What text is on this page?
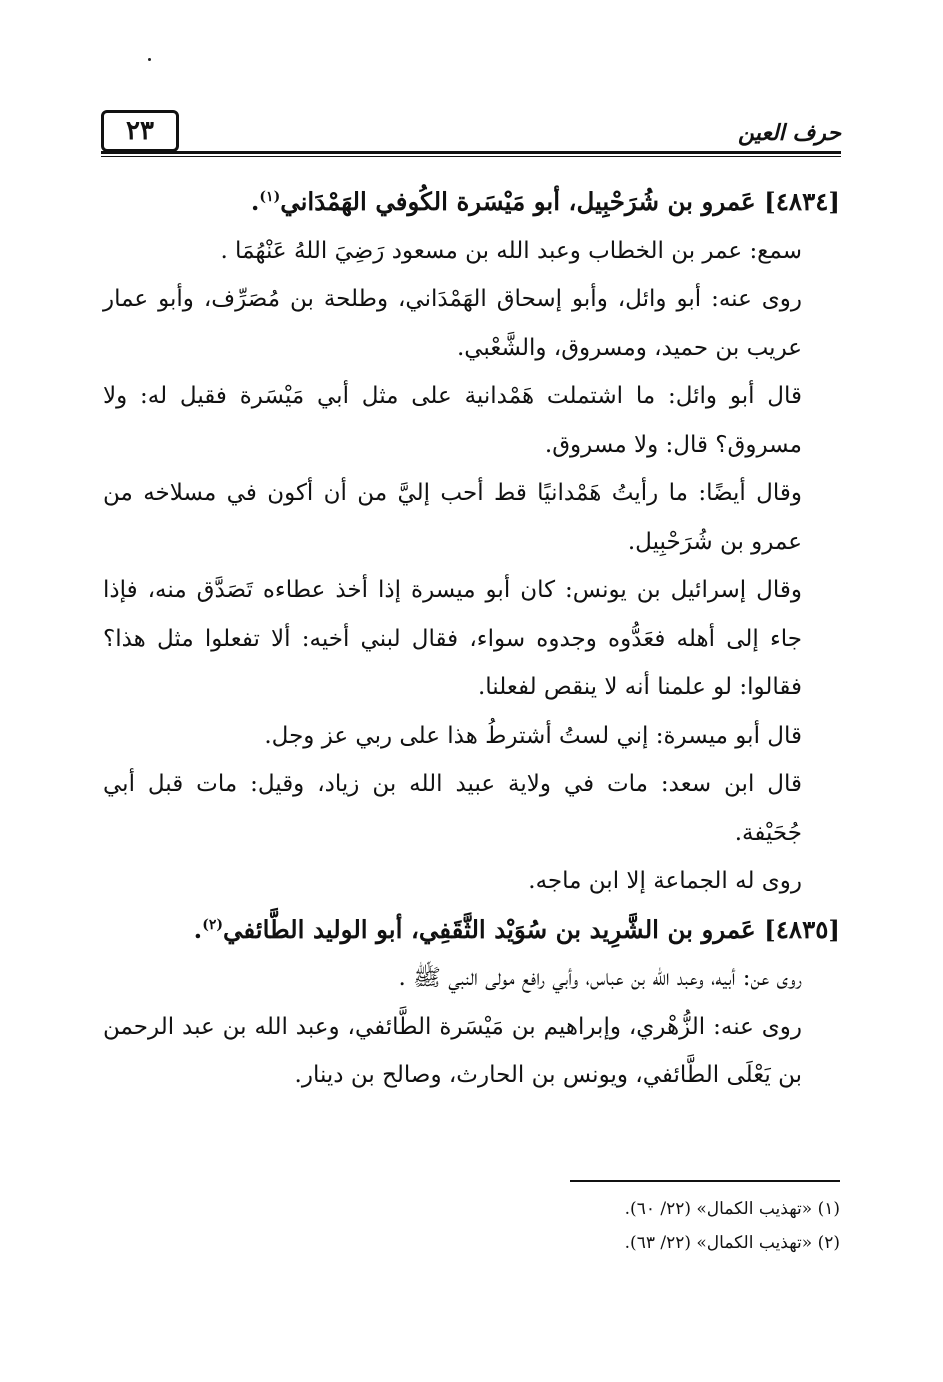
٢٣	حرف العين

[٤٨٣٤] عَمرو بن شُرَحْبِيل، أبو مَيْسَرة الكُوفي الهَمْدَاني$^{(١)}$.

سمع: عمر بن الخطاب وعبد الله بن مسعود رَضِيَ اللهُ عَنْهُمَا .

روى عنه: أبو وائل، وأبو إسحاق الهَمْدَاني، وطلحة بن مُصَرِّف، وأبو عمار عريب بن حميد، ومسروق، والشَّعْبي.

قال أبو وائل: ما اشتملت هَمْدانية على مثل أبي مَيْسَرة فقيل له: ولا مسروق؟ قال: ولا مسروق.

وقال أيضًا: ما رأيتُ هَمْدانيًا قط أحب إليَّ من أن أكون في مسلاخه من عمرو بن شُرَحْبِيل.

وقال إسرائيل بن يونس: كان أبو ميسرة إذا أخذ عطاءه تَصَدَّق منه، فإذا جاء إلى أهله فعَدُّوه وجدوه سواء، فقال لبني أخيه: ألا تفعلوا مثل هذا؟ فقالوا: لو علمنا أنه لا ينقص لفعلنا.

قال أبو ميسرة: إني لستُ أشترطُ هذا على ربي عز وجل.

قال ابن سعد: مات في ولاية عبيد الله بن زياد، وقيل: مات قبل أبي جُحَيْفة.

روى له الجماعة إلا ابن ماجه.

[٤٨٣٥] عَمرو بن الشَّرِيد بن سُوَيْد الثَّقَفِي، أبو الوليد الطَّائفي$^{(٢)}$.

روى عن: أبيه، وعبد الله بن عباس، وأبي رافع مولى النبي ﷺ .

روى عنه: الزُّهْري، وإبراهيم بن مَيْسَرة الطَّائفي، وعبد الله بن عبد الرحمن بن يَعْلَى الطَّائفي، ويونس بن الحارث، وصالح بن دينار.

(١) «تهذيب الكمال» (٢٢/ ٦٠).

(٢) «تهذيب الكمال» (٢٢/ ٦٣).
